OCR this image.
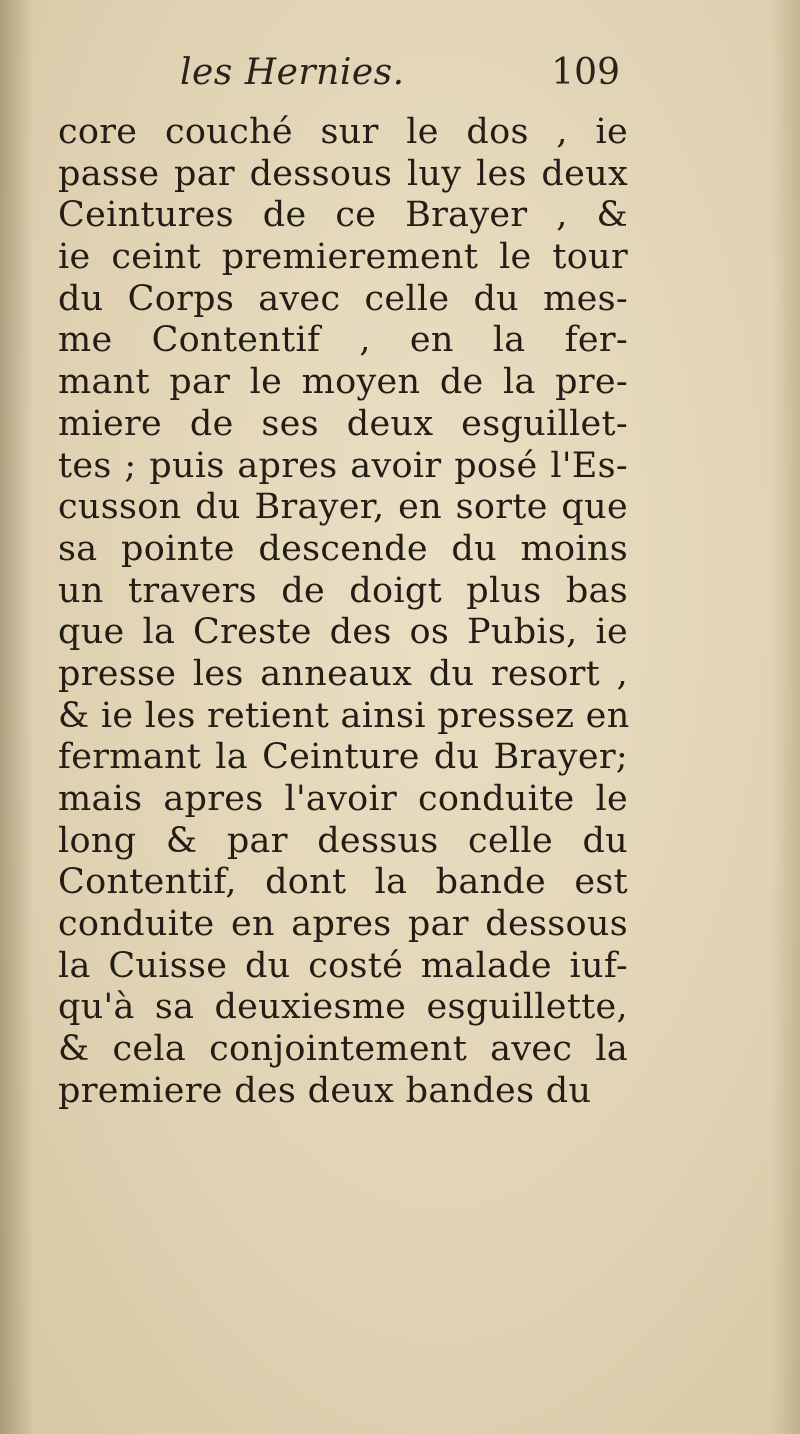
les Hernies.	109
core couché sur le dos , ie
passe par dessous luy les deux
Ceintures de ce Brayer , &
ie ceint premierement le tour
du Corps avec celle du mes-
me Contentif , en la fer-
mant par le moyen de la pre-
miere de ses deux esguillet-
tes ; puis apres avoir posé l'Es-
cusson du Brayer, en sorte que
sa pointe descende du moins
un travers de doigt plus bas
que la Creste des os Pubis, ie
presse les anneaux du resort ,
& ie les retient ainsi pressez en
fermant la Ceinture du Brayer;
mais apres l'avoir conduite le
long & par dessus celle du
Contentif, dont la bande est
conduite en apres par dessous
la Cuisse du costé malade iuf-
qu'à sa deuxiesme esguillette,
& cela conjointement avec la
premiere des deux bandes du
